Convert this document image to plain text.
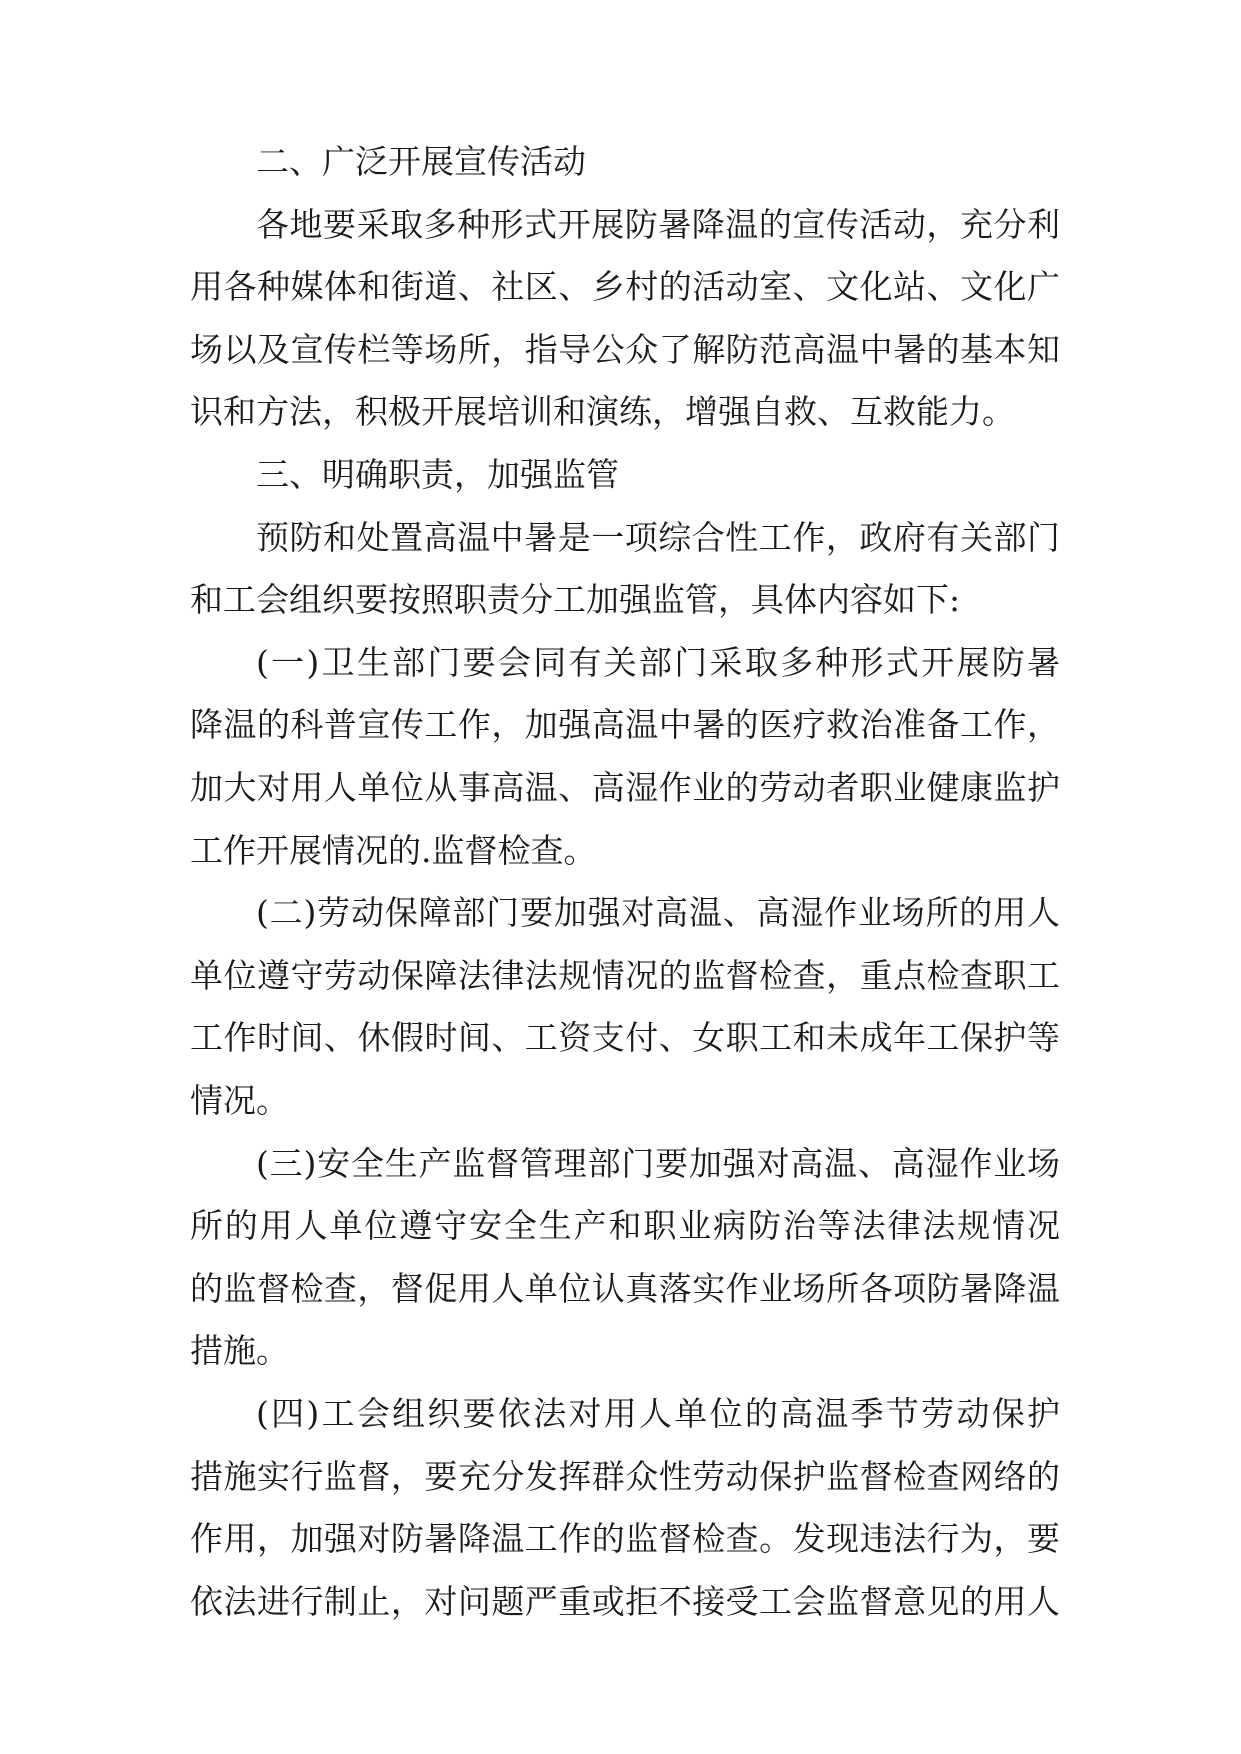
二、广泛开展宣传活动
各地要采取多种形式开展防暑降温的宣传活动，充分利
用各种媒体和街道、社区、乡村的活动室、文化站、文化广
场以及宣传栏等场所，指导公众了解防范高温中暑的基本知
识和方法，积极开展培训和演练，增强自救、互救能力。
三、明确职责，加强监管
预防和处置高温中暑是一项综合性工作，政府有关部门
和工会组织要按照职责分工加强监管，具体内容如下:
(一)卫生部门要会同有关部门采取多种形式开展防暑
降温的科普宣传工作，加强高温中暑的医疗救治准备工作，
加大对用人单位从事高温、高湿作业的劳动者职业健康监护
工作开展情况的.监督检查。
(二)劳动保障部门要加强对高温、高湿作业场所的用人
单位遵守劳动保障法律法规情况的监督检查，重点检查职工
工作时间、休假时间、工资支付、女职工和未成年工保护等
情况。
(三)安全生产监督管理部门要加强对高温、高湿作业场
所的用人单位遵守安全生产和职业病防治等法律法规情况
的监督检查，督促用人单位认真落实作业场所各项防暑降温
措施。
(四)工会组织要依法对用人单位的高温季节劳动保护
措施实行监督，要充分发挥群众性劳动保护监督检查网络的
作用，加强对防暑降温工作的监督检查。发现违法行为，要
依法进行制止，对问题严重或拒不接受工会监督意见的用人
